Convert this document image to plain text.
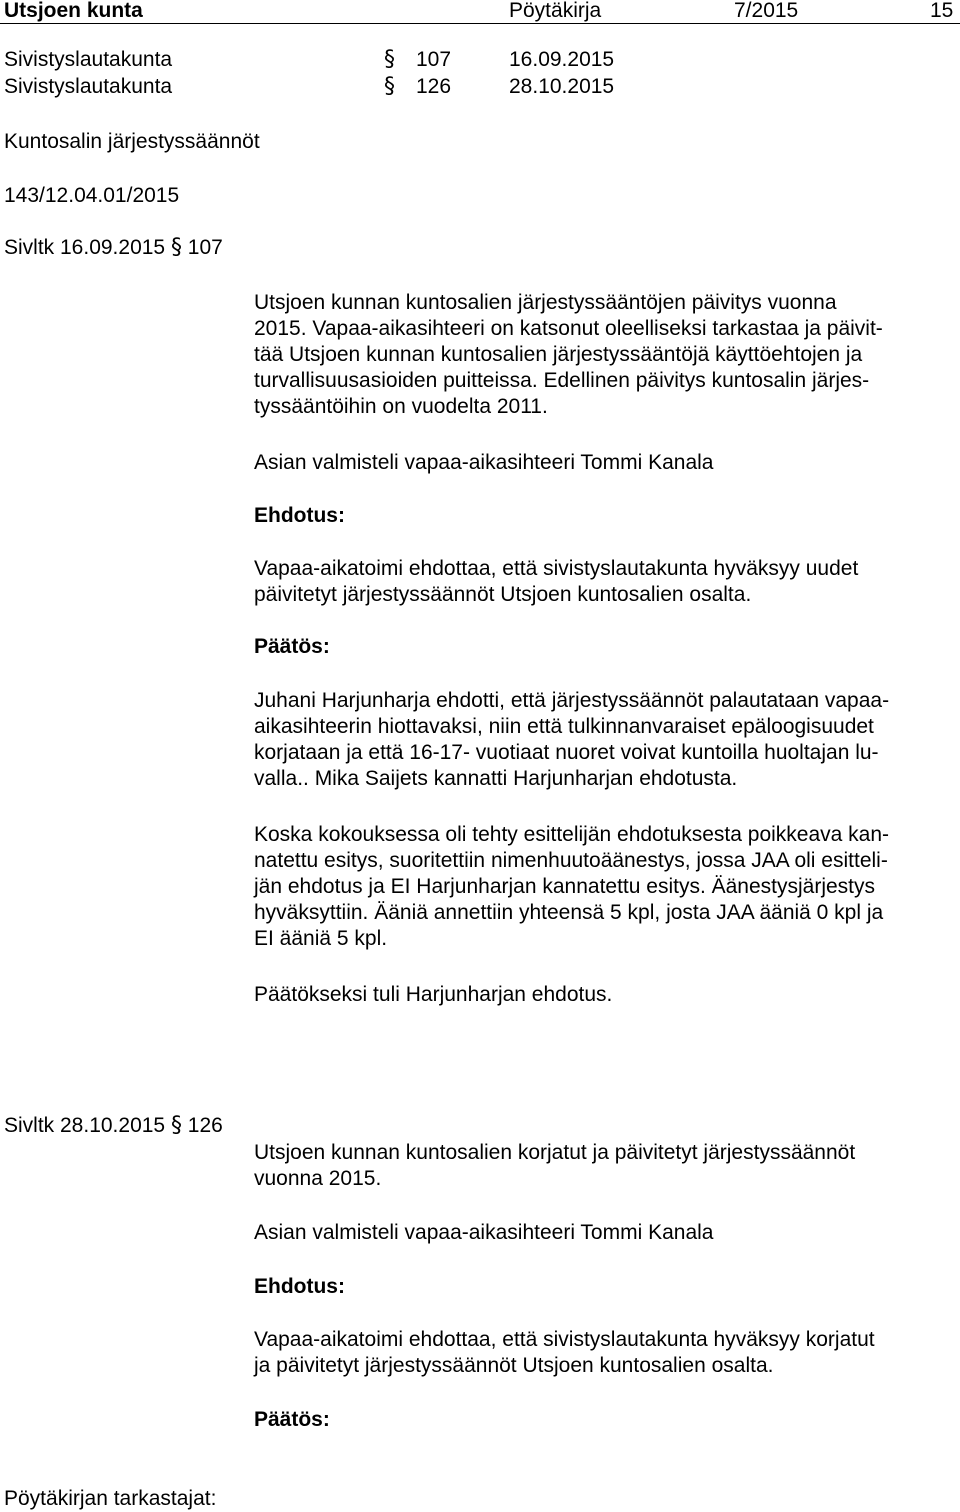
Utsjoen kunta	Pöytäkirja	7/2015	15
Sivistyslautakunta	§ 107	16.09.2015
Sivistyslautakunta	§ 126	28.10.2015
Kuntosalin järjestyssäännöt
143/12.04.01/2015
Sivltk 16.09.2015 § 107
Utsjoen kunnan kuntosalien järjestyssääntöjen päivitys vuonna
2015. Vapaa-aikasihteeri on katsonut oleelliseksi tarkastaa ja päivit-
tää Utsjoen kunnan kuntosalien järjestyssääntöjä käyttöehtojen ja
turvallisuusasioiden puitteissa. Edellinen päivitys kuntosalin järjes-
tyssääntöihin on vuodelta 2011.
Asian valmisteli vapaa-aikasihteeri Tommi Kanala
Ehdotus:
Vapaa-aikatoimi ehdottaa, että sivistyslautakunta hyväksyy uudet
päivitetyt järjestyssäännöt Utsjoen kuntosalien osalta.
Päätös:
Juhani Harjunharja ehdotti, että järjestyssäännöt palautataan vapaa-
aikasihteerin hiottavaksi, niin että tulkinnanvaraiset epäloogisuudet
korjataan ja että 16-17- vuotiaat nuoret voivat kuntoilla huoltajan lu-
valla.. Mika Saijets kannatti Harjunharjan ehdotusta.
Koska kokouksessa oli tehty esittelijän ehdotuksesta poikkeava kan-
natettu esitys, suoritettiin nimenhuutoäänestys, jossa JAA oli esitteli-
jän ehdotus ja EI Harjunharjan kannatettu esitys. Äänestysjärjestys
hyväksyttiin. Ääniä annettiin yhteensä 5 kpl, josta JAA ääniä 0 kpl ja
EI ääniä 5 kpl.
Päätökseksi tuli Harjunharjan ehdotus.
Sivltk 28.10.2015 § 126
Utsjoen kunnan kuntosalien korjatut ja päivitetyt järjestyssäännöt
vuonna 2015.
Asian valmisteli vapaa-aikasihteeri Tommi Kanala
Ehdotus:
Vapaa-aikatoimi ehdottaa, että sivistyslautakunta hyväksyy korjatut
ja päivitetyt järjestyssäännöt Utsjoen kuntosalien osalta.
Päätös:
Pöytäkirjan tarkastajat:
